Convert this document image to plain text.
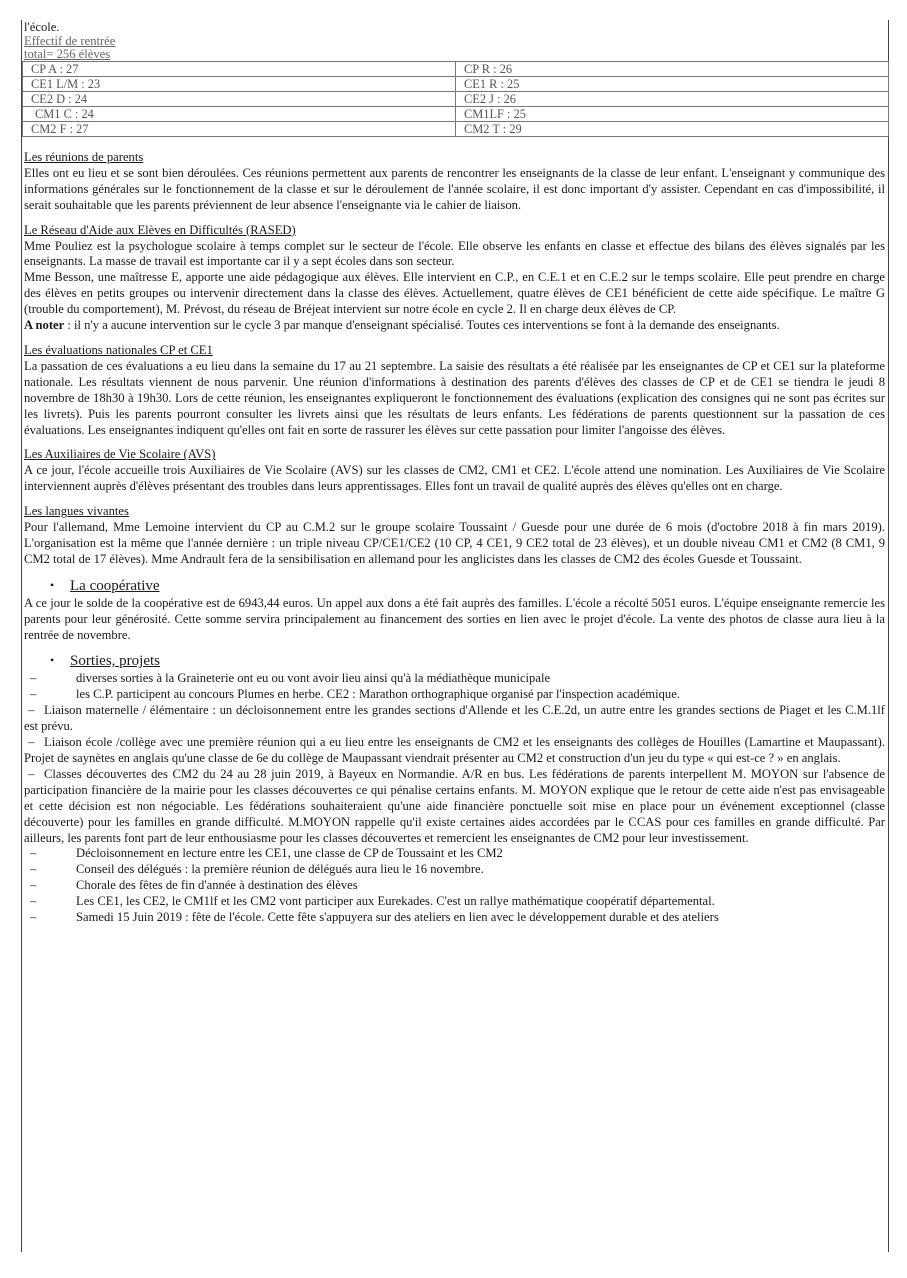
l'école.

Effectif de rentrée

total= 256 élèves

CP A : 27	CP R : 26
CE1 L/M : 23	CE1 R : 25
CE2 D : 24	CE2 J : 26
CM1 C : 24	CM1LF : 25
CM2 F : 27	CM2 T : 29

Les réunions de parents

Elles ont eu lieu et se sont bien déroulées. Ces réunions permettent aux parents de rencontrer les enseignants de la classe de leur enfant. L'enseignant y communique des informations générales sur le fonctionnement de la classe et sur le déroulement de l'année scolaire, il est donc important d'y assister. Cependant en cas d'impossibilité, il serait souhaitable que les parents préviennent de leur absence l'enseignante via le cahier de liaison.

Le Réseau d'Aide aux Elèves en Difficultés (RASED)

Mme Pouliez est la psychologue scolaire à temps complet sur le secteur de l'école. Elle observe les enfants en classe et effectue des bilans des élèves signalés par les enseignants. La masse de travail est importante car il y a sept écoles dans son secteur.

Mme Besson, une maîtresse E, apporte une aide pédagogique aux élèves. Elle intervient en C.P., en C.E.1 et en C.E.2 sur le temps scolaire. Elle peut prendre en charge des élèves en petits groupes ou intervenir directement dans la classe des élèves. Actuellement, quatre élèves de CE1 bénéficient de cette aide spécifique. Le maître G (trouble du comportement), M. Prévost, du réseau de Bréjeat intervient sur notre école en cycle 2. Il en charge deux élèves de CP.

A noter : il n'y a aucune intervention sur le cycle 3 par manque d'enseignant spécialisé. Toutes ces interventions se font à la demande des enseignants.

Les évaluations nationales CP et CE1

La passation de ces évaluations a eu lieu dans la semaine du 17 au 21 septembre. La saisie des résultats a été réalisée par les enseignantes de CP et CE1 sur la plateforme nationale. Les résultats viennent de nous parvenir. Une réunion d'informations à destination des parents d'élèves des classes de CP et de CE1 se tiendra le jeudi 8 novembre de 18h30 à 19h30. Lors de cette réunion, les enseignantes expliqueront le fonctionnement des évaluations (explication des consignes qui ne sont pas écrites sur les livrets). Puis les parents pourront consulter les livrets ainsi que les résultats de leurs enfants. Les fédérations de parents questionnent sur la passation de ces évaluations. Les enseignantes indiquent qu'elles ont fait en sorte de rassurer les élèves sur cette passation pour limiter l'angoisse des élèves.

Les Auxiliaires de Vie Scolaire (AVS)

A ce jour, l'école accueille trois Auxiliaires de Vie Scolaire (AVS) sur les classes de CM2, CM1 et CE2. L'école attend une nomination. Les Auxiliaires de Vie Scolaire interviennent auprès d'élèves présentant des troubles dans leurs apprentissages. Elles font un travail de qualité auprès des élèves qu'elles ont en charge.

Les langues vivantes

Pour l'allemand, Mme Lemoine intervient du CP au C.M.2 sur le groupe scolaire Toussaint / Guesde pour une durée de 6 mois (d'octobre 2018 à fin mars 2019). L'organisation est la même que l'année dernière : un triple niveau CP/CE1/CE2 (10 CP, 4 CE1, 9 CE2 total de 23 élèves), et un double niveau CM1 et CM2 (8 CM1, 9 CM2 total de 17 élèves). Mme Andrault fera de la sensibilisation en allemand pour les anglicistes dans les classes de CM2 des écoles Guesde et Toussaint.

• La coopérative

A ce jour le solde de la coopérative est de 6943,44 euros. Un appel aux dons a été fait auprès des familles. L'école a récolté 5051 euros. L'équipe enseignante remercie les parents pour leur générosité. Cette somme servira principalement au financement des sorties en lien avec le projet d'école. La vente des photos de classe aura lieu à la rentrée de novembre.

• Sorties, projets

–	diverses sorties à la Graineterie ont eu ou vont avoir lieu ainsi qu'à la médiathèque municipale

–	les C.P. participent au concours Plumes en herbe. CE2 : Marathon orthographique organisé par l'inspection académique.

– Liaison maternelle / élémentaire : un décloisonnement entre les grandes sections d'Allende et les C.E.2d, un autre entre les grandes sections de Piaget et les C.M.1lf est prévu.

– Liaison école /collège avec une première réunion qui a eu lieu entre les enseignants de CM2 et les enseignants des collèges de Houilles (Lamartine et Maupassant). Projet de saynètes en anglais qu'une classe de 6e du collège de Maupassant viendrait présenter au CM2 et construction d'un jeu du type « qui est-ce ? » en anglais.

– Classes découvertes des CM2 du 24 au 28 juin 2019, à Bayeux en Normandie. A/R en bus. Les fédérations de parents interpellent M. MOYON sur l'absence de participation financière de la mairie pour les classes découvertes ce qui pénalise certains enfants. M. MOYON explique que le retour de cette aide n'est pas envisageable et cette décision est non négociable. Les fédérations souhaiteraient qu'une aide financière ponctuelle soit mise en place pour un événement exceptionnel (classe découverte) pour les familles en grande difficulté. M.MOYON rappelle qu'il existe certaines aides accordées par le CCAS pour ces familles en grande difficulté. Par ailleurs, les parents font part de leur enthousiasme pour les classes découvertes et remercient les enseignantes de CM2 pour leur investissement.

–	Décloisonnement en lecture entre les CE1, une classe de CP de Toussaint et les CM2

–	Conseil des délégués : la première réunion de délégués aura lieu le 16 novembre.

–	Chorale des fêtes de fin d'année à destination des élèves

–	Les CE1, les CE2, le CM1lf et les CM2 vont participer aux Eurekades. C'est un rallye mathématique coopératif départemental.

–	Samedi 15 Juin 2019 : fête de l'école. Cette fête s'appuyera sur des ateliers en lien avec le développement durable et des ateliers
